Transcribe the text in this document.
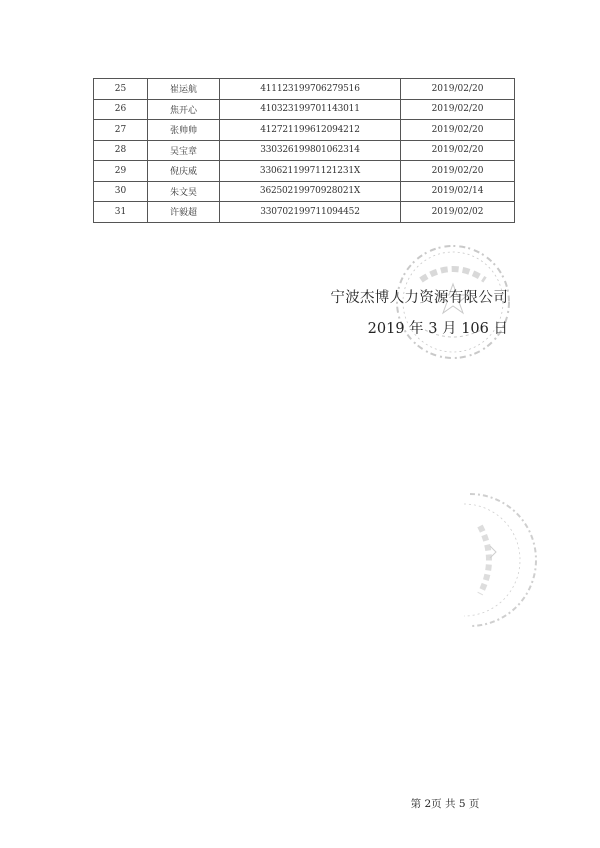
25	崔运航	411123199706279516	2019/02/20
26	焦开心	410323199701143011	2019/02/20
27	张帅帅	412721199612094212	2019/02/20
28	吴宝章	330326199801062314	2019/02/20
29	倪庆威	33062119971121231X	2019/02/20
30	朱文昊	36250219970928021X	2019/02/14
31	许毅超	330702199711094452	2019/02/02
宁波杰博人力资源有限公司
2019 年 3 月 106 日
第 2页 共 5 页
